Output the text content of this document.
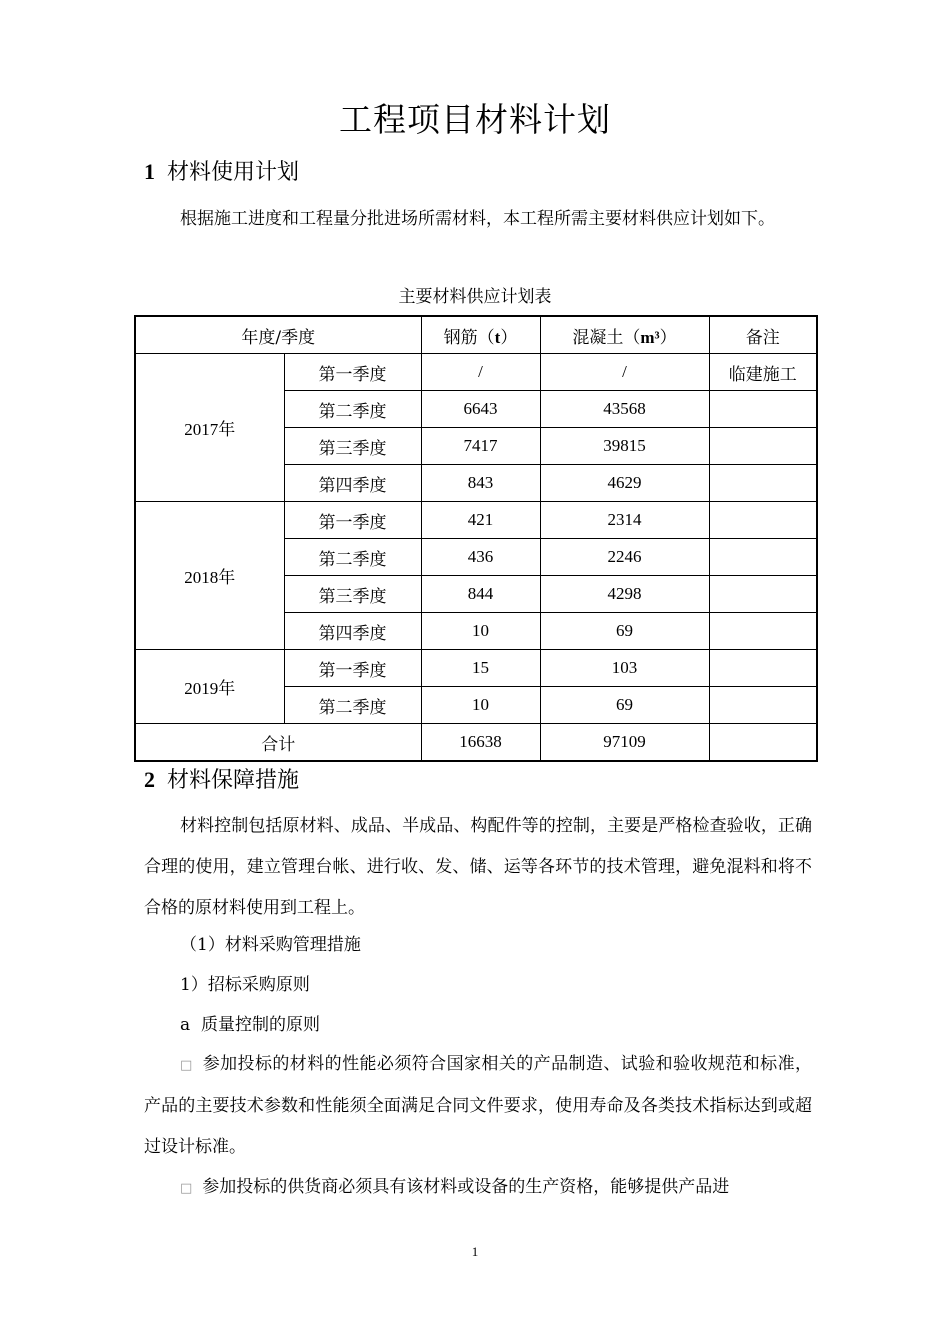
工程项目材料计划
1 材料使用计划

根据施工进度和工程量分批进场所需材料，本工程所需主要材料供应计划如下。

主要材料供应计划表
年度/季度		钢筋（t）	混凝土（m³）	备注
2017年	第一季度	/	/	临建施工
	第二季度	6643	43568	
	第三季度	7417	39815	
	第四季度	843	4629	
2018年	第一季度	421	2314	
	第二季度	436	2246	
	第三季度	844	4298	
	第四季度	10	69	
2019年	第一季度	15	103	
	第二季度	10	69	
合计		16638	97109	
2 材料保障措施

材料控制包括原材料、成品、半成品、构配件等的控制，主要是严格检查验收，正确合理的使用，建立管理台帐、进行收、发、储、运等各环节的技术管理，避免混料和将不合格的原材料使用到工程上。

（1）材料采购管理措施
1）招标采购原则
a  质量控制的原则

□ 参加投标的材料的性能必须符合国家相关的产品制造、试验和验收规范和标准，产品的主要技术参数和性能须全面满足合同文件要求，使用寿命及各类技术指标达到或超过设计标准。

□ 参加投标的供货商必须具有该材料或设备的生产资格，能够提供产品进

1
